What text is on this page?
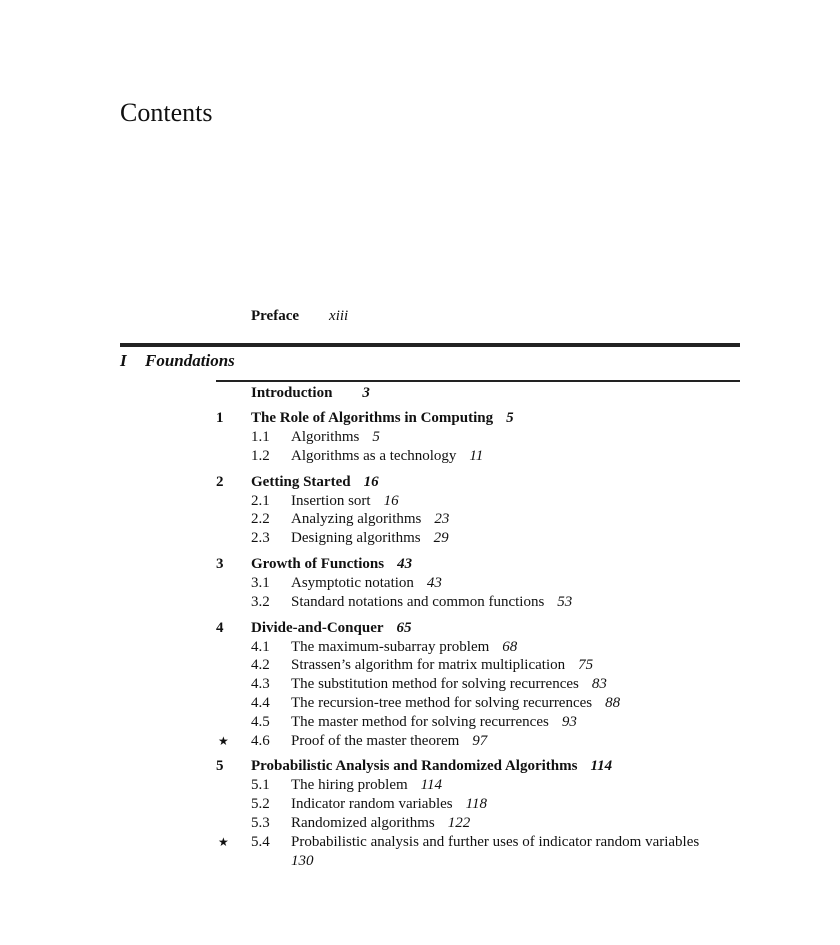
Contents
Preface xiii
I Foundations
Introduction 3
1 The Role of Algorithms in Computing 5
1.1 Algorithms 5
1.2 Algorithms as a technology 11
2 Getting Started 16
2.1 Insertion sort 16
2.2 Analyzing algorithms 23
2.3 Designing algorithms 29
3 Growth of Functions 43
3.1 Asymptotic notation 43
3.2 Standard notations and common functions 53
4 Divide-and-Conquer 65
4.1 The maximum-subarray problem 68
4.2 Strassen’s algorithm for matrix multiplication 75
4.3 The substitution method for solving recurrences 83
4.4 The recursion-tree method for solving recurrences 88
4.5 The master method for solving recurrences 93
★ 4.6 Proof of the master theorem 97
5 Probabilistic Analysis and Randomized Algorithms 114
5.1 The hiring problem 114
5.2 Indicator random variables 118
5.3 Randomized algorithms 122
★ 5.4 Probabilistic analysis and further uses of indicator random variables
130
